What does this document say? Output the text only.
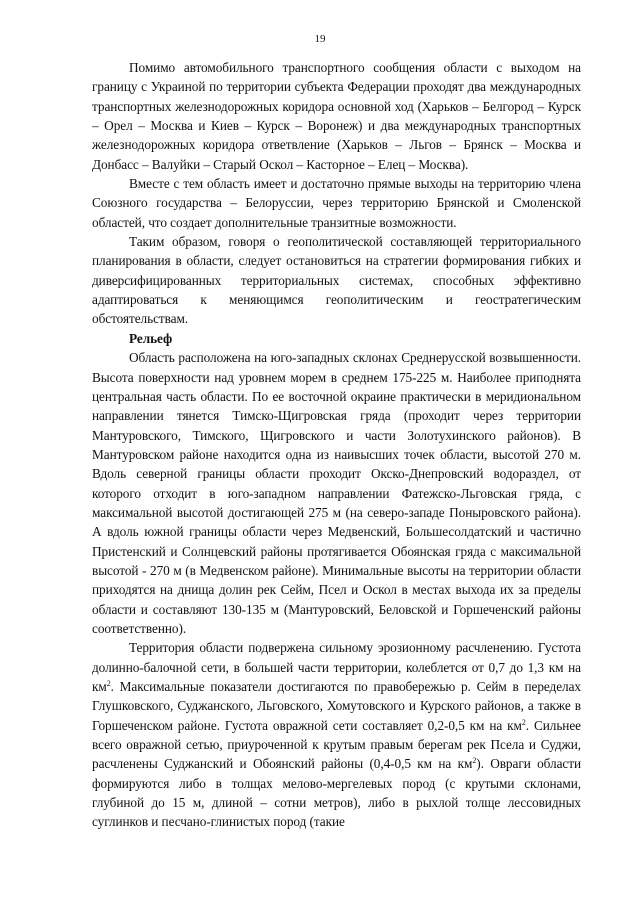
19

Помимо автомобильного транспортного сообщения области с выходом на границу с Украиной по территории субъекта Федерации проходят два международных транспортных железнодорожных коридора основной ход (Харьков – Белгород – Курск – Орел – Москва и Киев – Курск – Воронеж) и два международных транспортных железнодорожных коридора ответвление (Харьков – Льгов – Брянск – Москва и Донбасс – Валуйки – Старый Оскол – Касторное – Елец – Москва).

Вместе с тем область имеет и достаточно прямые выходы на территорию члена Союзного государства – Белоруссии, через территорию Брянской и Смоленской областей, что создает дополнительные транзитные возможности.

Таким образом, говоря о геополитической составляющей территориального планирования в области, следует остановиться на стратегии формирования гибких и диверсифицированных территориальных системах, способных эффективно адаптироваться к меняющимся геополитическим и геостратегическим обстоятельствам.

Рельеф

Область расположена на юго-западных склонах Среднерусской возвышенности. Высота поверхности над уровнем морем в среднем 175-225 м. Наиболее приподнята центральная часть области. По ее восточной окраине практически в меридиональном направлении тянется Тимско-Щигровская гряда (проходит через территории Мантуровского, Тимского, Щигровского и части Золотухинского районов). В Мантуровском районе находится одна из наивысших точек области, высотой 270 м. Вдоль северной границы области проходит Окско-Днепровский водораздел, от которого отходит в юго-западном направлении Фатежско-Льговская гряда, с максимальной высотой достигающей 275 м (на северо-западе Поныровского района). А вдоль южной границы области через Медвенский, Большесолдатский и частично Пристенский и Солнцевский районы протягивается Обоянская гряда с максимальной высотой - 270 м (в Медвенском районе). Минимальные высоты на территории области приходятся на днища долин рек Сейм, Псел и Оскол в местах выхода их за пределы области и составляют 130-135 м (Мантуровский, Беловской и Горшеченский районы соответственно).

Территория области подвержена сильному эрозионному расчленению. Густота долинно-балочной сети, в большей части территории, колеблется от 0,7 до 1,3 км на $км^2$. Максимальные показатели достигаются по правобережью р. Сейм в переделах Глушковского, Суджанского, Льговского, Хомутовского и Курского районов, а также в Горшеченском районе. Густота овражной сети составляет 0,2-0,5 км на $км^2$. Сильнее всего овражной сетью, приуроченной к крутым правым берегам рек Псела и Суджи, расчленены Суджанский и Обоянский районы (0,4-0,5 км на $км^2$). Овраги области формируются либо в толщах мелово-мергелевых пород (с крутыми склонами, глубиной до 15 м, длиной – сотни метров), либо в рыхлой толще лессовидных суглинков и песчано-глинистых пород (такие
